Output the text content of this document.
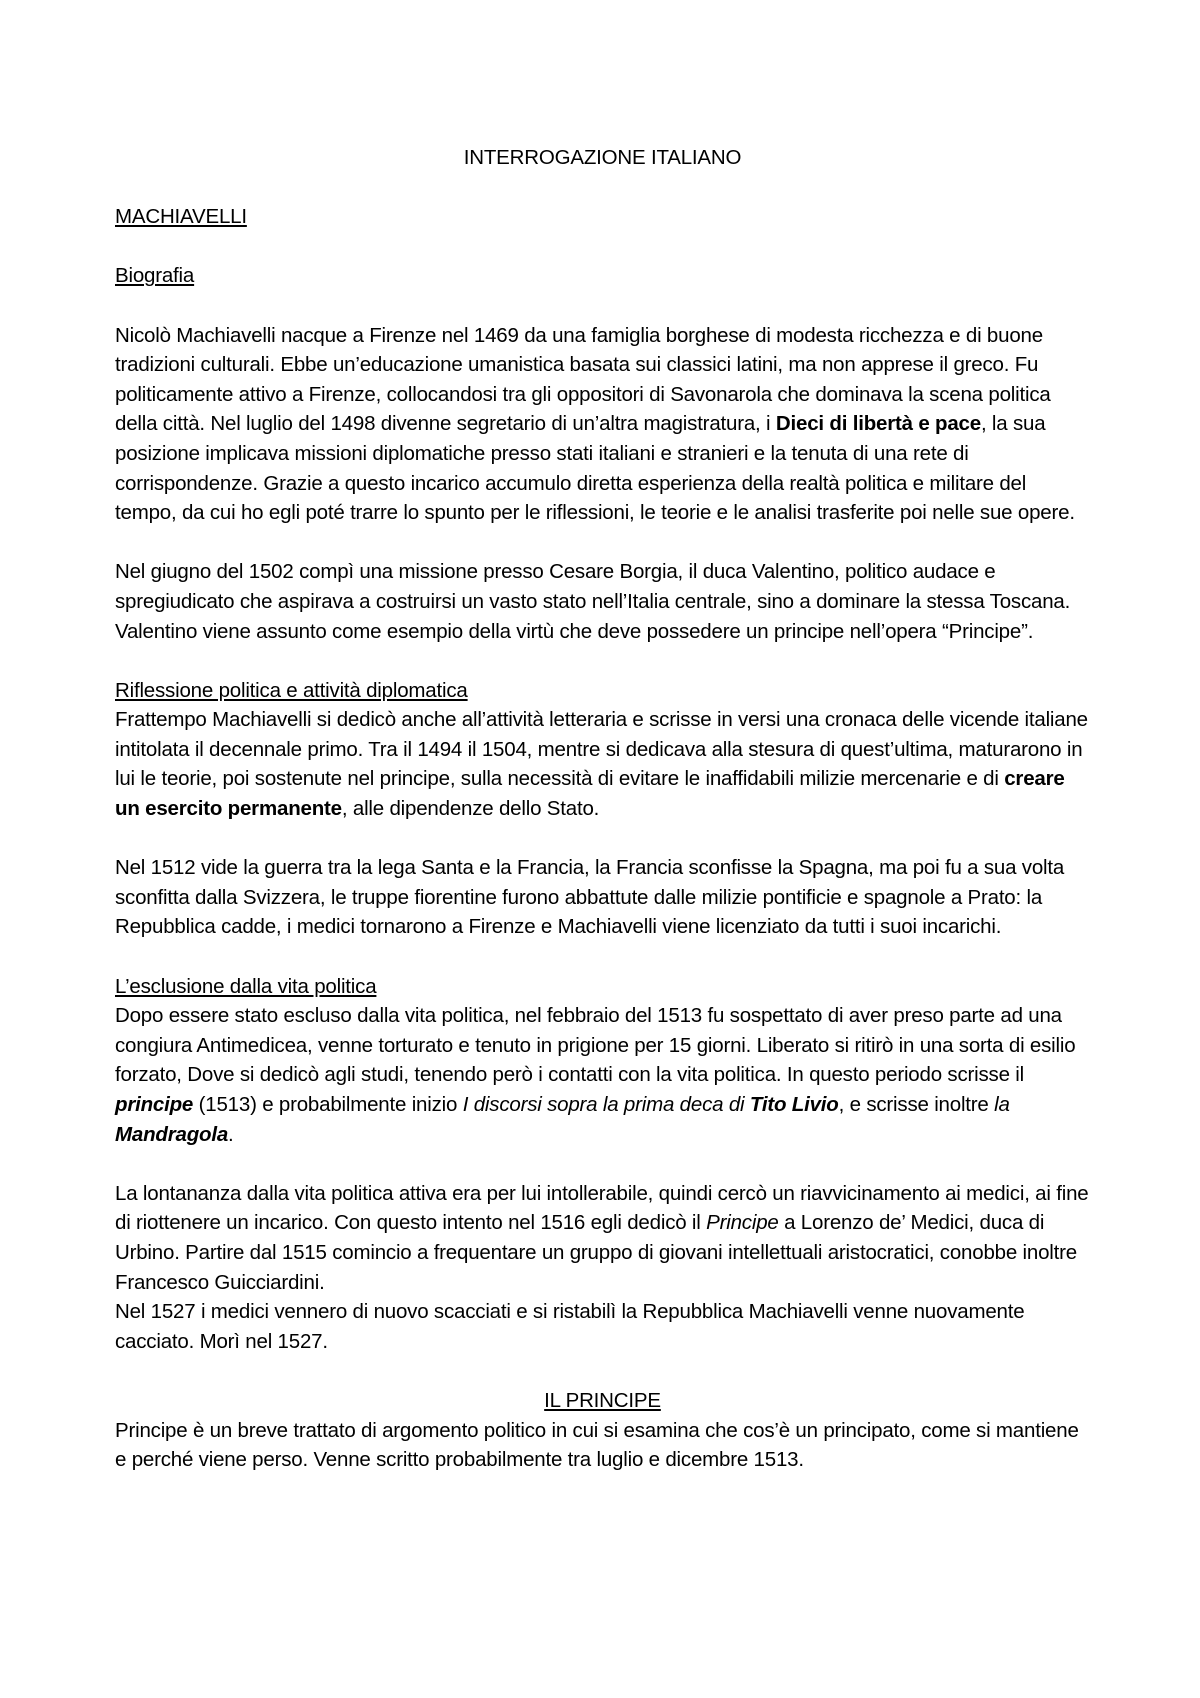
INTERROGAZIONE ITALIANO
MACHIAVELLI
Biografia

Nicolò Machiavelli nacque a Firenze nel 1469 da una famiglia borghese di modesta ricchezza e di buone tradizioni culturali. Ebbe un’educazione umanistica basata sui classici latini, ma non apprese il greco. Fu politicamente attivo a Firenze, collocandosi tra gli oppositori di Savonarola che dominava la scena politica della città. Nel luglio del 1498 divenne segretario di un’altra magistratura, i Dieci di libertà e pace, la sua posizione implicava missioni diplomatiche presso stati italiani e stranieri e la tenuta di una rete di corrispondenze. Grazie a questo incarico accumulo diretta esperienza della realtà politica e militare del tempo, da cui ho egli poté trarre lo spunto per le riflessioni, le teorie e le analisi trasferite poi nelle sue opere.

Nel giugno del 1502 compì una missione presso Cesare Borgia, il duca Valentino, politico audace e spregiudicato che aspirava a costruirsi un vasto stato nell’Italia centrale, sino a dominare la stessa Toscana. Valentino viene assunto come esempio della virtù che deve possedere un principe nell’opera “Principe”.

Riflessione politica e attività diplomatica

Frattempo Machiavelli si dedicò anche all’attività letteraria e scrisse in versi una cronaca delle vicende italiane intitolata il decennale primo. Tra il 1494 il 1504, mentre si dedicava alla stesura di quest’ultima, maturarono in lui le teorie, poi sostenute nel principe, sulla necessità di evitare le inaffidabili milizie mercenarie e di creare un esercito permanente, alle dipendenze dello Stato.

Nel 1512 vide la guerra tra la lega Santa e la Francia, la Francia sconfisse la Spagna, ma poi fu a sua volta sconfitta dalla Svizzera, le truppe fiorentine furono abbattute dalle milizie pontificie e spagnole a Prato: la Repubblica cadde, i medici tornarono a Firenze e Machiavelli viene licenziato da tutti i suoi incarichi.

L’esclusione dalla vita politica

Dopo essere stato escluso dalla vita politica, nel febbraio del 1513 fu sospettato di aver preso parte ad una congiura Antimedicea, venne torturato e tenuto in prigione per 15 giorni. Liberato si ritirò in una sorta di esilio forzato, Dove si dedicò agli studi, tenendo però i contatti con la vita politica. In questo periodo scrisse il principe (1513) e probabilmente inizio I discorsi sopra la prima deca di Tito Livio, e scrisse inoltre la Mandragola.

La lontananza dalla vita politica attiva era per lui intollerabile, quindi cercò un riavvicinamento ai medici, ai fine di riottenere un incarico. Con questo intento nel 1516 egli dedicò il Principe a Lorenzo de’ Medici, duca di Urbino. Partire dal 1515 comincio a frequentare un gruppo di giovani intellettuali aristocratici, conobbe inoltre Francesco Guicciardini.

Nel 1527 i medici vennero di nuovo scacciati e si ristabilì la Repubblica Machiavelli venne nuovamente cacciato. Morì nel 1527.

IL PRINCIPE

Principe è un breve trattato di argomento politico in cui si esamina che cos’è un principato, come si mantiene e perché viene perso. Venne scritto probabilmente tra luglio e dicembre 1513.
